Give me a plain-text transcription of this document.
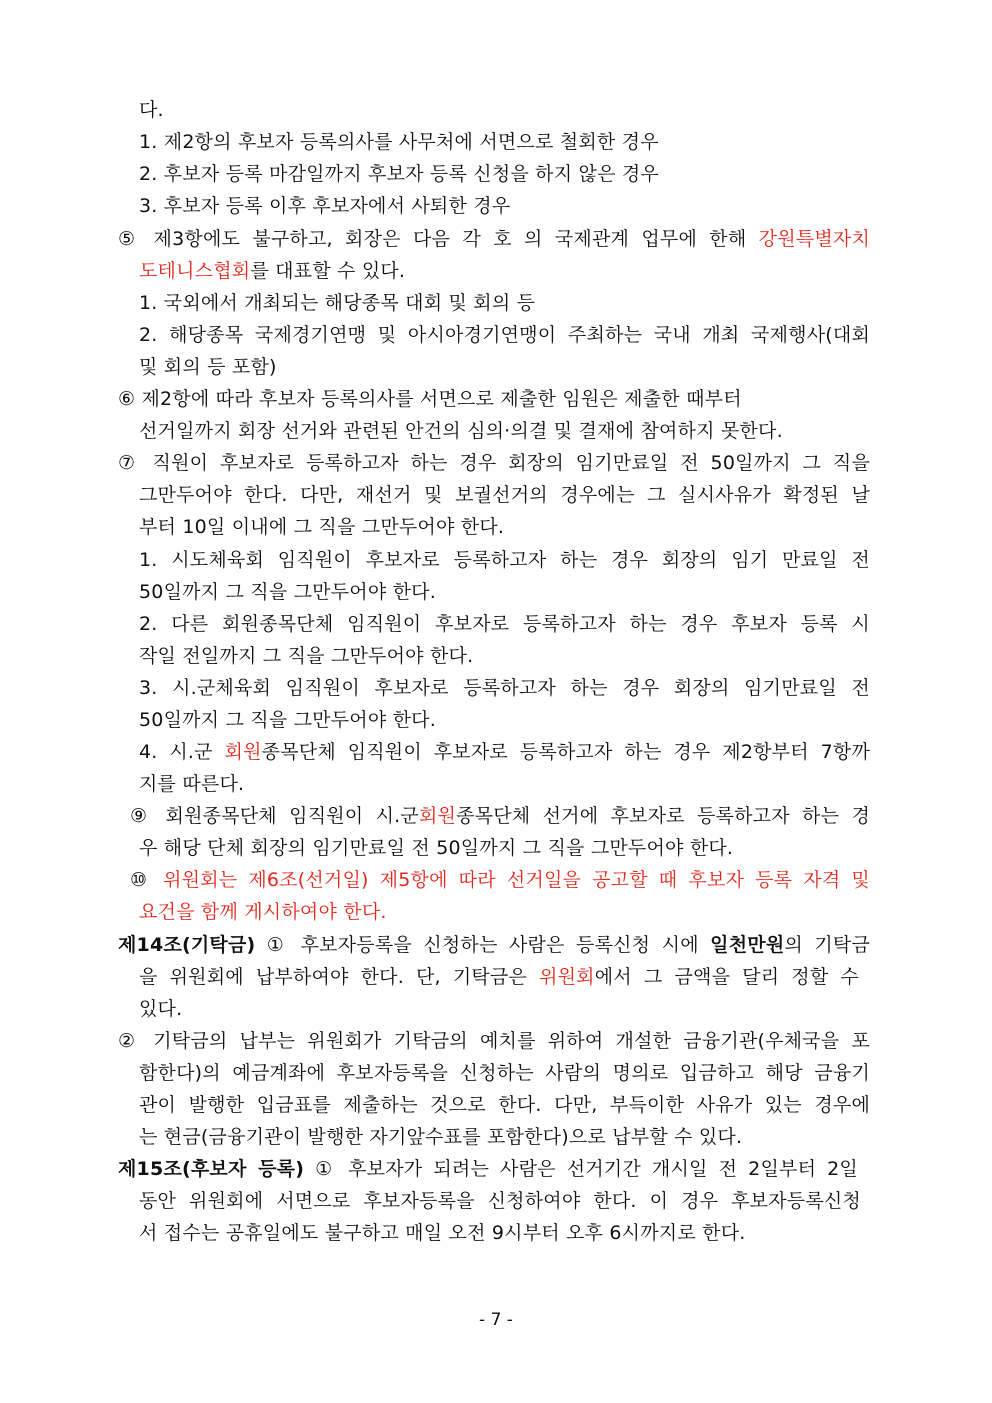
다.
1. 제2항의 후보자 등록의사를 사무처에 서면으로 철회한 경우
2. 후보자 등록 마감일까지 후보자 등록 신청을 하지 않은 경우
3. 후보자 등록 이후 후보자에서 사퇴한 경우
⑤ 제3항에도 불구하고, 회장은 다음 각 호 의 국제관계 업무에 한해 강원특별자치
도테니스협회를 대표할 수 있다.
1. 국외에서 개최되는 해당종목 대회 및 회의 등
2. 해당종목 국제경기연맹 및 아시아경기연맹이 주최하는 국내 개최 국제행사(대회
및 회의 등 포함)
⑥ 제2항에 따라 후보자 등록의사를 서면으로 제출한 임원은 제출한 때부터
선거일까지 회장 선거와 관련된 안건의 심의·의결 및 결재에 참여하지 못한다.
⑦ 직원이 후보자로 등록하고자 하는 경우 회장의 임기만료일 전 50일까지 그 직을
그만두어야 한다. 다만, 재선거 및 보궐선거의 경우에는 그 실시사유가 확정된 날
부터 10일 이내에 그 직을 그만두어야 한다.
1. 시도체육회 임직원이 후보자로 등록하고자 하는 경우 회장의 임기 만료일 전
50일까지 그 직을 그만두어야 한다.
2. 다른 회원종목단체 임직원이 후보자로 등록하고자 하는 경우 후보자 등록 시
작일 전일까지 그 직을 그만두어야 한다.
3. 시.군체육회 임직원이 후보자로 등록하고자 하는 경우 회장의 임기만료일 전
50일까지 그 직을 그만두어야 한다.
4. 시.군 회원종목단체 임직원이 후보자로 등록하고자 하는 경우 제2항부터 7항까
지를 따른다.
⑨ 회원종목단체 임직원이 시.군회원종목단체 선거에 후보자로 등록하고자 하는 경
우 해당 단체 회장의 임기만료일 전 50일까지 그 직을 그만두어야 한다.
⑩ 위원회는 제6조(선거일) 제5항에 따라 선거일을 공고할 때 후보자 등록 자격 및
요건을 함께 게시하여야 한다.
제14조(기탁금) ① 후보자등록을 신청하는 사람은 등록신청 시에 일천만원의 기탁금
을 위원회에 납부하여야 한다. 단, 기탁금은 위원회에서 그 금액을 달리 정할 수
있다.
② 기탁금의 납부는 위원회가 기탁금의 예치를 위하여 개설한 금융기관(우체국을 포
함한다)의 예금계좌에 후보자등록을 신청하는 사람의 명의로 입금하고 해당 금융기
관이 발행한 입금표를 제출하는 것으로 한다. 다만, 부득이한 사유가 있는 경우에
는 현금(금융기관이 발행한 자기앞수표를 포함한다)으로 납부할 수 있다.
제15조(후보자 등록) ① 후보자가 되려는 사람은 선거기간 개시일 전 2일부터 2일
동안 위원회에 서면으로 후보자등록을 신청하여야 한다. 이 경우 후보자등록신청
서 접수는 공휴일에도 불구하고 매일 오전 9시부터 오후 6시까지로 한다.
- 7 -
